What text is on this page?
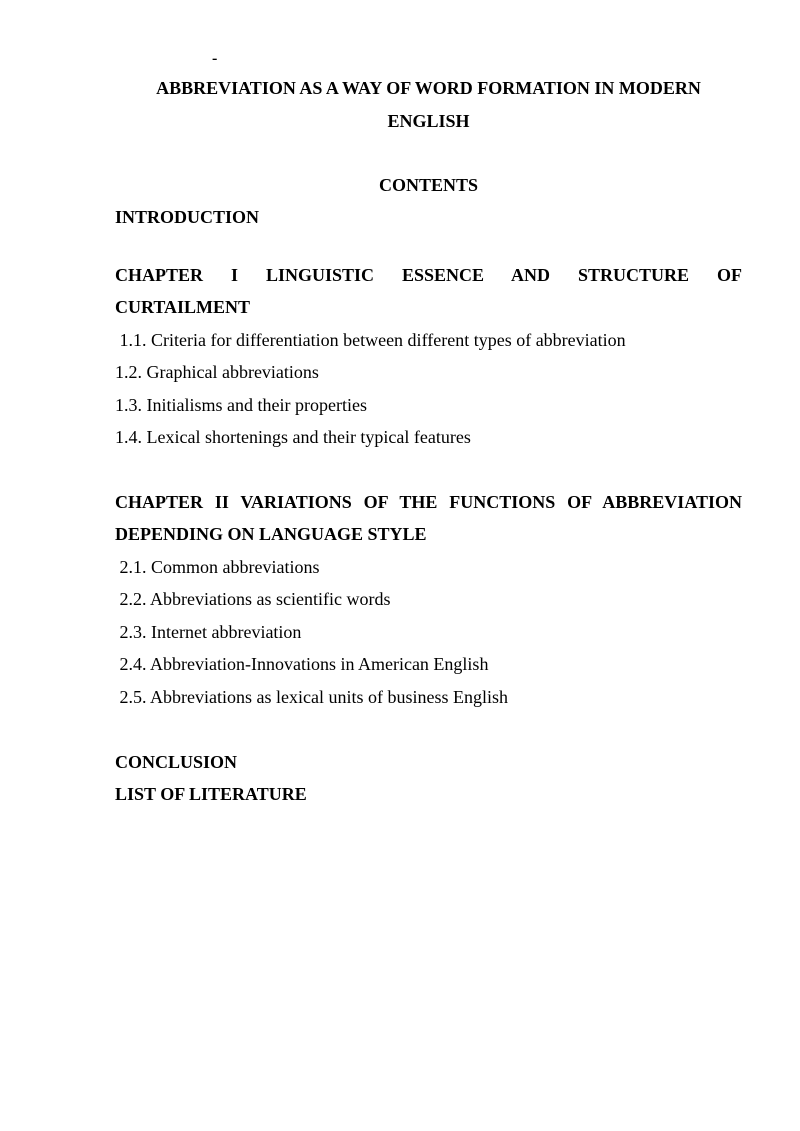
-
ABBREVIATION AS A WAY OF WORD FORMATION IN MODERN ENGLISH
CONTENTS
INTRODUCTION
CHAPTER I LINGUISTIC ESSENCE AND STRUCTURE OF
CURTAILMENT
1.1. Criteria for differentiation between different types of abbreviation
1.2. Graphical abbreviations
1.3. Initialisms and their properties
1.4. Lexical shortenings and their typical features
CHAPTER II VARIATIONS OF THE FUNCTIONS OF ABBREVIATION
DEPENDING ON LANGUAGE STYLE
2.1. Common abbreviations
2.2. Abbreviations as scientific words
2.3. Internet abbreviation
2.4. Abbreviation-Innovations in American English
2.5. Abbreviations as lexical units of business English
CONCLUSION
LIST OF LITERATURE
